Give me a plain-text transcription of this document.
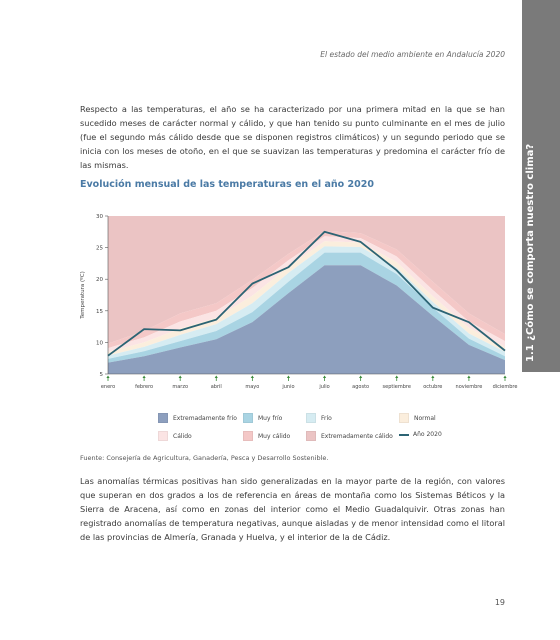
El estado del medio ambiente en Andalucía 2020
1.1 ¿Cómo se comporta nuestro clima?

Respecto a las temperaturas, el año se ha caracterizado por una primera mitad en la que se han sucedido meses de carácter normal y cálido, y que han tenido su punto culminante en el mes de julio (fue el segundo más cálido desde que se disponen registros climáticos) y un segundo periodo que se inicia con los meses de otoño, en el que se suavizan las temperaturas y predomina el carácter frío de las mismas.

Evolución mensual de las temperaturas en el año 2020
5
10
15
20
25
30
Temperatura (ºC)
enero	febrero	marzo	abril	mayo	junio	julio	agosto	septiembre octubre	noviembre diciembre
Extremadamente frío	Muy frío	Frío	Normal
Cálido	Muy cálido	Extremadamente cálido	Año 2020
Fuente: Consejería de Agricultura, Ganadería, Pesca y Desarrollo Sostenible.

Las anomalías térmicas positivas han sido generalizadas en la mayor parte de la región, con valores que superan en dos grados a los de referencia en áreas de montaña como los Sistemas Béticos y la Sierra de Aracena, así como en zonas del interior como el Medio Guadalquivir. Otras zonas han registrado anomalías de temperatura negativas, aunque aisladas y de menor intensidad como el litoral de las provincias de Almería, Granada y Huelva, y el interior de la de Cádiz.

19
